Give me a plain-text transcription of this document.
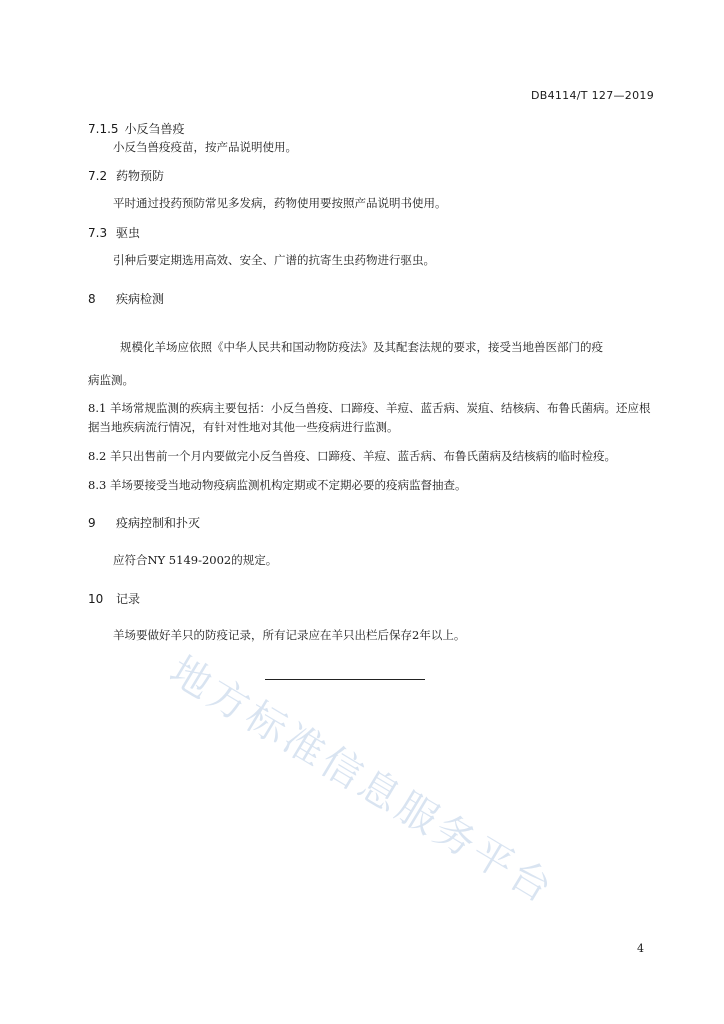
DB4114/T 127—2019
7.1.5 小反刍兽疫
小反刍兽疫疫苗，按产品说明使用。
7.2 药物预防
平时通过投药预防常见多发病，药物使用要按照产品说明书使用。
7.3 驱虫
引种后要定期选用高效、安全、广谱的抗寄生虫药物进行驱虫。
8 疾病检测
规模化羊场应依照《中华人民共和国动物防疫法》及其配套法规的要求，接受当地兽医部门的疫
病监测。
8.1 羊场常规监测的疾病主要包括：小反刍兽疫、口蹄疫、羊痘、蓝舌病、炭疽、结核病、布鲁氏菌病。还应根据当地疾病流行情况，有针对性地对其他一些疫病进行监测。
8.2 羊只出售前一个月内要做完小反刍兽疫、口蹄疫、羊痘、蓝舌病、布鲁氏菌病及结核病的临时检疫。
8.3 羊场要接受当地动物疫病监测机构定期或不定期必要的疫病监督抽查。
9 疫病控制和扑灭
应符合NY 5149-2002的规定。
10 记录
羊场要做好羊只的防疫记录，所有记录应在羊只出栏后保存2年以上。
地方标准信息服务平台
4
